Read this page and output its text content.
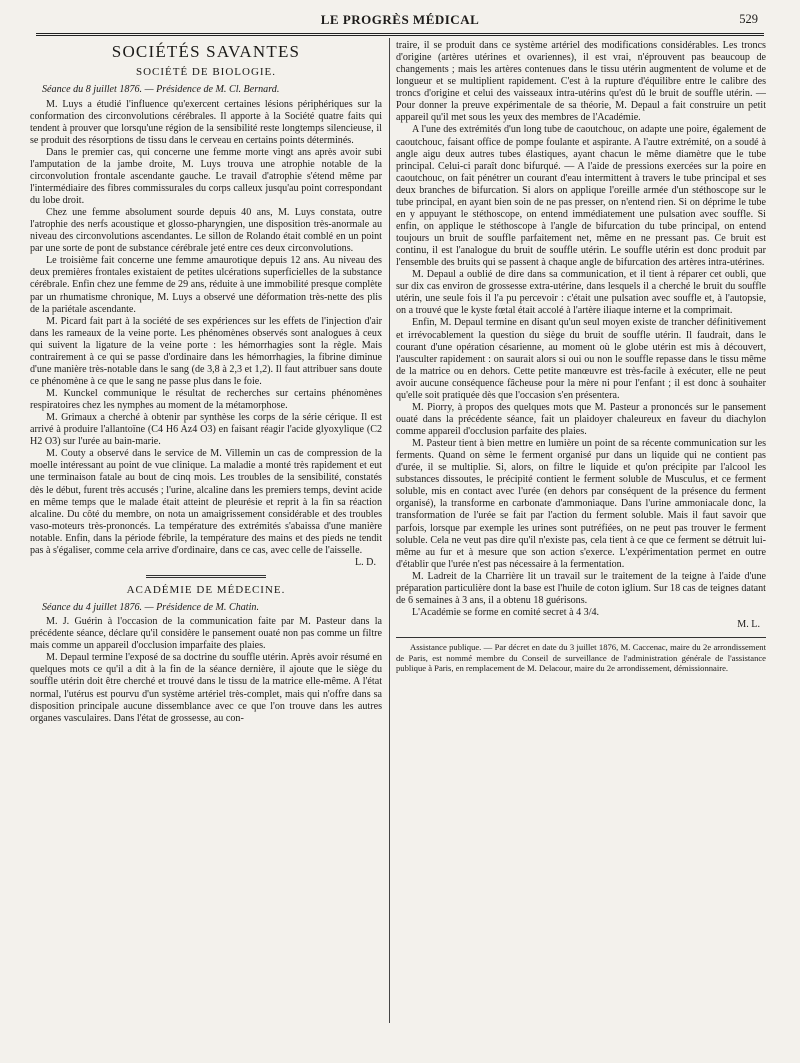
LE PROGRÈS MÉDICAL	529
SOCIÉTÉS SAVANTES
SOCIÉTÉ DE BIOLOGIE.

Séance du 8 juillet 1876. — Présidence de M. Cl. Bernard.

M. Luys a étudié l'influence qu'exercent certaines lésions périphériques sur la conformation des circonvolutions cérébrales. Il apporte à la Société quatre faits qui tendent à prouver que lorsqu'une région de la sensibilité reste longtemps silencieuse, il se produit des résorptions de tissu dans le cerveau en certains points déterminés.

Dans le premier cas, qui concerne une femme morte vingt ans après avoir subi l'amputation de la jambe droite, M. Luys trouva une atrophie notable de la circonvolution frontale ascendante gauche. Le travail d'atrophie s'étend même par l'intermédiaire des fibres commissurales du corps calleux jusqu'au point correspondant du lobe droit.

Chez une femme absolument sourde depuis 40 ans, M. Luys constata, outre l'atrophie des nerfs acoustique et glosso-pharyngien, une disposition très-anormale au niveau des circonvolutions ascendantes. Le sillon de Rolando était comblé en un point par une sorte de pont de substance cérébrale jeté entre ces deux circonvolutions.

Le troisième fait concerne une femme amaurotique depuis 12 ans. Au niveau des deux premières frontales existaient de petites ulcérations superficielles de la substance cérébrale. Enfin chez une femme de 29 ans, réduite à une immobilité presque complète par un rhumatisme chronique, M. Luys a observé une déformation très-nette des plis de la pariétale ascendante.

M. Picard fait part à la société de ses expériences sur les effets de l'injection d'air dans les rameaux de la veine porte. Les phénomènes observés sont analogues à ceux qui suivent la ligature de la veine porte : les hémorrhagies sont la règle. Mais contrairement à ce qui se passe d'ordinaire dans les hémorrhagies, la fibrine diminue d'une manière très-notable dans le sang (de 3,8 à 2,3 et 1,2). Il faut attribuer sans doute ce phénomène à ce que le sang ne passe plus dans le foie.

M. Kunckel communique le résultat de recherches sur certains phénomènes respiratoires chez les nymphes au moment de la métamorphose.

M. Grimaux a cherché à obtenir par synthèse les corps de la série cérique. Il est arrivé à produire l'allantoïne (C4 H6 Az4 O3) en faisant réagir l'acide glyoxylique (C2 H2 O3) sur l'urée au bain-marie.

M. Couty a observé dans le service de M. Villemin un cas de compression de la moelle intéressant au point de vue clinique. La maladie a monté très rapidement et eut une terminaison fatale au bout de cinq mois. Les troubles de la sensibilité, constatés dès le début, furent très accusés ; l'urine, alcaline dans les premiers temps, devint acide en même temps que le malade était atteint de pleurésie et reprit à la fin sa réaction alcaline. Du côté du membre, on nota un amaigrissement considérable et des troubles vaso-moteurs très-prononcés. La température des extrémités s'abaissa d'une manière notable. Enfin, dans la période fébrile, la température des mains et des pieds ne tendit pas à s'égaliser, comme cela arrive d'ordinaire, dans ce cas, avec celle de l'aisselle.

L. D.

ACADÉMIE DE MÉDECINE.

Séance du 4 juillet 1876. — Présidence de M. Chatin.

M. J. Guérin à l'occasion de la communication faite par M. Pasteur dans la précédente séance, déclare qu'il considère le pansement ouaté non pas comme un filtre mais comme un appareil d'occlusion imparfaite des plaies.

M. Depaul termine l'exposé de sa doctrine du souffle utérin. Après avoir résumé en quelques mots ce qu'il a dit à la fin de la séance dernière, il ajoute que le siège du souffle utérin doit être cherché et trouvé dans le tissu de la matrice elle-même. A l'état normal, l'utérus est pourvu d'un système artériel très-complet, mais qui n'offre dans sa disposition principale aucune dissemblance avec ce que l'on trouve dans les autres organes vasculaires. Dans l'état de grossesse, au con-

traire, il se produit dans ce système artériel des modifications considérables. Les troncs d'origine (artères utérines et ovariennes), il est vrai, n'éprouvent pas beaucoup de changements ; mais les artères contenues dans le tissu utérin augmentent de volume et de longueur et se multiplient rapidement. C'est à la rupture d'équilibre entre le calibre des troncs d'origine et celui des vaisseaux intra-utérins qu'est dû le bruit de souffle utérin. — Pour donner la preuve expérimentale de sa théorie, M. Depaul a fait construire un petit appareil qu'il met sous les yeux des membres de l'Académie.

A l'une des extrémités d'un long tube de caoutchouc, on adapte une poire, également de caoutchouc, faisant office de pompe foulante et aspirante. A l'autre extrémité, on a soudé à angle aigu deux autres tubes élastiques, ayant chacun le même diamètre que le tube principal. Celui-ci paraît donc bifurqué. — A l'aide de pressions exercées sur la poire en caoutchouc, on fait pénétrer un courant d'eau intermittent à travers le tube principal et ses deux branches de bifurcation. Si alors on applique l'oreille armée d'un stéthoscope sur le tube principal, en ayant bien soin de ne pas presser, on n'entend rien. Si on déprime le tube en y appuyant le stéthoscope, on entend immédiatement une pulsation avec souffle. Si enfin, on applique le stéthoscope à l'angle de bifurcation du tube principal, on entend toujours un bruit de souffle parfaitement net, même en ne pressant pas. Ce bruit est continu, il est l'analogue du bruit de souffle utérin. Le souffle utérin est donc produit par l'ensemble des bruits qui se passent à chaque angle de bifurcation des artères intra-utérines.

M. Depaul a oublié de dire dans sa communication, et il tient à réparer cet oubli, que sur dix cas environ de grossesse extra-utérine, dans lesquels il a cherché le bruit du souffle utérin, une seule fois il l'a pu percevoir : c'était une pulsation avec souffle et, à l'autopsie, on a trouvé que le kyste fœtal était accolé à l'artère iliaque interne et la comprimait.

Enfin, M. Depaul termine en disant qu'un seul moyen existe de trancher définitivement et irrévocablement la question du siège du bruit de souffle utérin. Il faudrait, dans le courant d'une opération césarienne, au moment où le globe utérin est mis à découvert, l'ausculter rapidement : on saurait alors si oui ou non le souffle repasse dans le tissu même de la matrice ou en dehors. Cette petite manœuvre est très-facile à exécuter, elle ne peut avoir aucune conséquence fâcheuse pour la mère ni pour l'enfant ; il est donc à souhaiter qu'elle soit pratiquée dès que l'occasion s'en présentera.

M. Piorry, à propos des quelques mots que M. Pasteur a prononcés sur le pansement ouaté dans la précédente séance, fait un plaidoyer chaleureux en faveur du diachylon comme appareil d'occlusion parfaite des plaies.

M. Pasteur tient à bien mettre en lumière un point de sa récente communication sur les ferments. Quand on sème le ferment organisé pur dans un liquide qui ne contient pas d'urée, il se multiplie. Si, alors, on filtre le liquide et qu'on précipite par l'alcool les substances dissoutes, le précipité contient le ferment soluble de Musculus, et ce ferment soluble, mis en contact avec l'urée (en dehors par conséquent de la présence du ferment organisé), la transforme en carbonate d'ammoniaque. Dans l'urine ammoniacale donc, la transformation de l'urée se fait par l'action du ferment soluble. Mais il faut savoir que parfois, lorsque par exemple les urines sont putréfiées, on ne peut pas trouver le ferment soluble. Cela ne veut pas dire qu'il n'existe pas, cela tient à ce que ce ferment se détruit lui-même au fur et à mesure que son action s'exerce. L'expérimentation permet en outre d'établir que l'urée n'est pas nécessaire à la fermentation.

M. Ladreit de la Charrière lit un travail sur le traitement de la teigne à l'aide d'une préparation particulière dont la base est l'huile de coton iglium. Sur 18 cas de teignes datant de 6 semaines à 3 ans, il a obtenu 18 guérisons.

L'Académie se forme en comité secret à 4 3/4.

M. L.

Assistance publique. — Par décret en date du 3 juillet 1876, M. Caccenac, maire du 2e arrondissement de Paris, est nommé membre du Conseil de surveillance de l'administration générale de l'assistance publique à Paris, en remplacement de M. Delacour, maire du 2e arrondissement, démissionnaire.
